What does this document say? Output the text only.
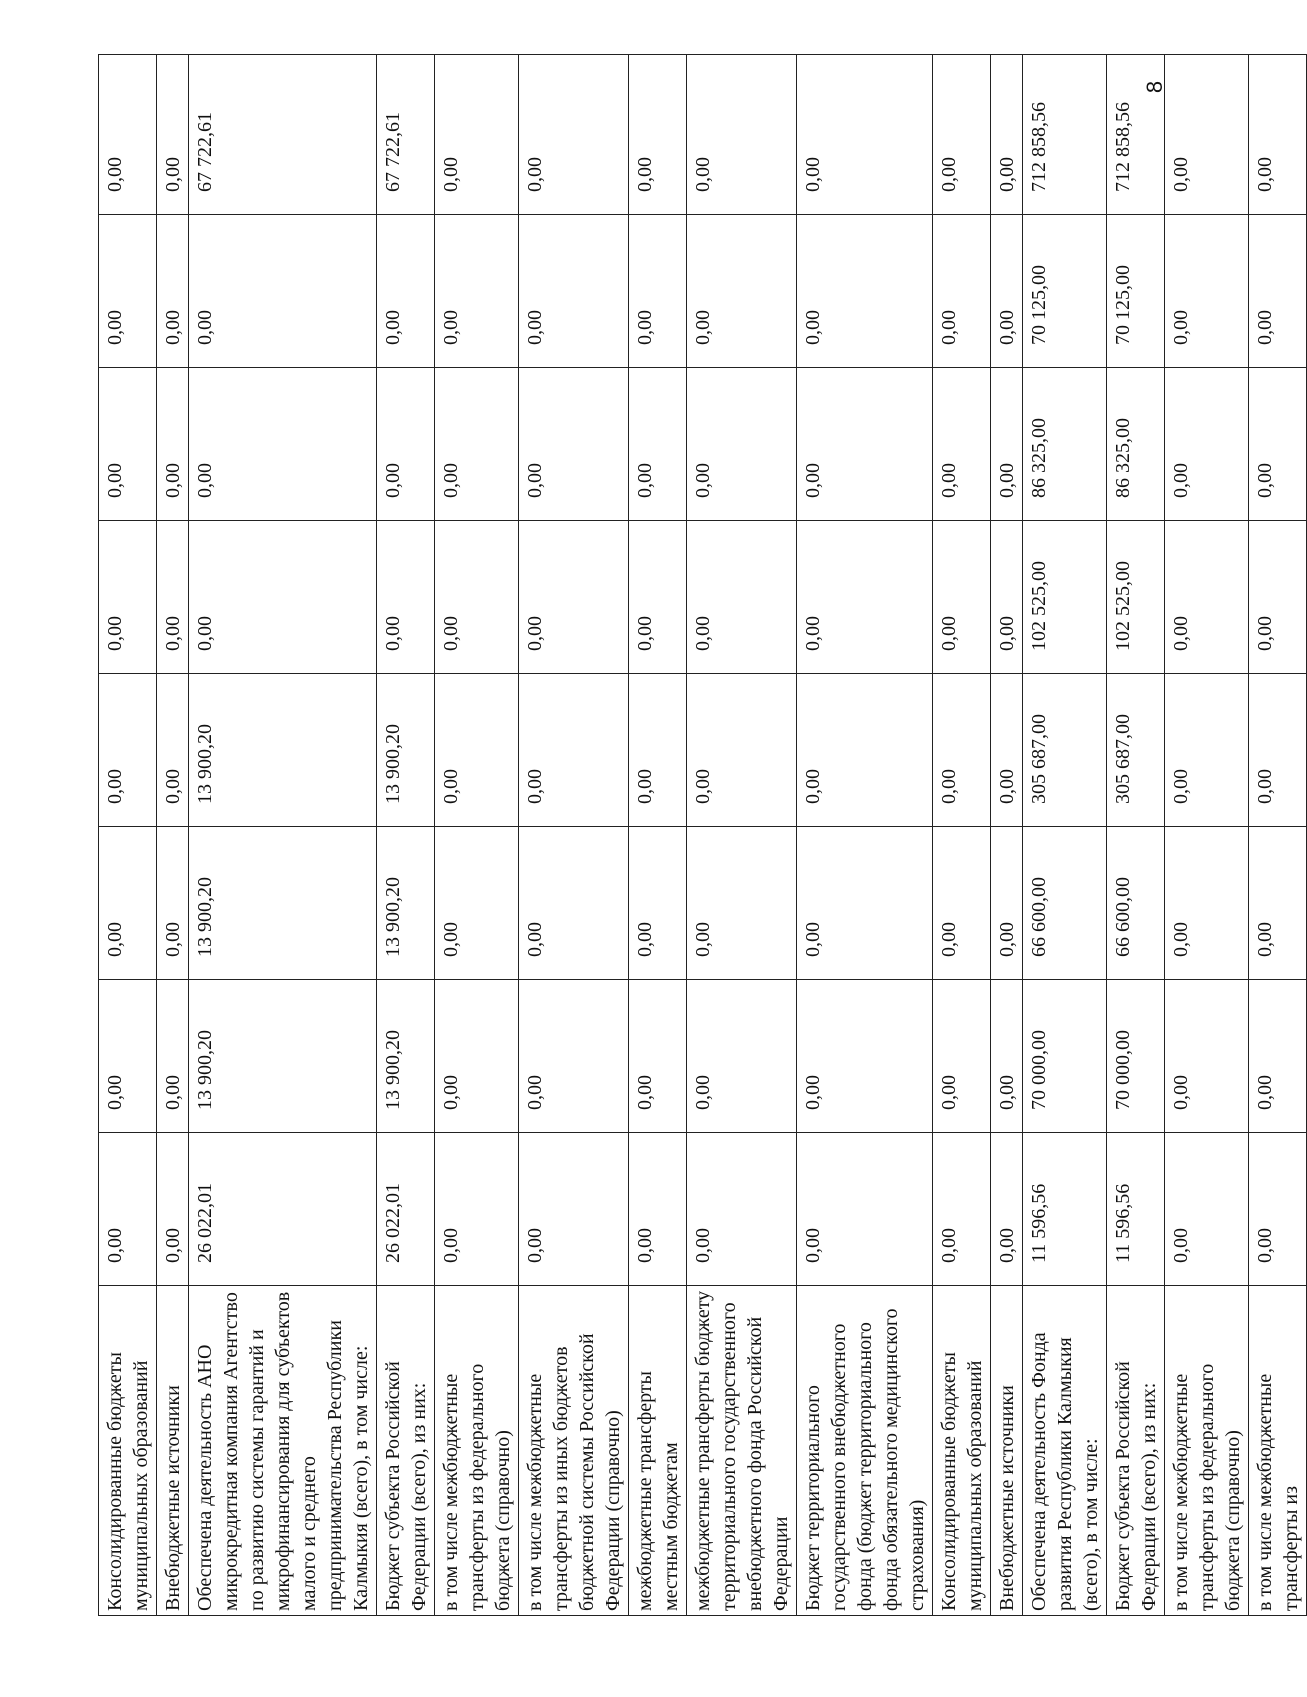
Консолидированные бюджеты муниципальных образований	0,00	0,00	0,00	0,00	0,00	0,00	0,00	0,00
Внебюджетные источники	0,00	0,00	0,00	0,00	0,00	0,00	0,00	0,00
Обеспечена деятельность АНО микрокредитная компания Агентство по развитию системы гарантий и микрофинансирования для субъектов малого и среднего предпринимательства Республики Калмыкия (всего), в том числе:	26 022,01	13 900,20	13 900,20	13 900,20	0,00	0,00	0,00	67 722,61
Бюджет субъекта Российской Федерации (всего), из них:	26 022,01	13 900,20	13 900,20	13 900,20	0,00	0,00	0,00	67 722,61
в том числе межбюджетные трансферты из федерального бюджета (справочно)	0,00	0,00	0,00	0,00	0,00	0,00	0,00	0,00
в том числе межбюджетные трансферты из иных бюджетов бюджетной системы Российской Федерации (справочно)	0,00	0,00	0,00	0,00	0,00	0,00	0,00	0,00
межбюджетные трансферты местным бюджетам	0,00	0,00	0,00	0,00	0,00	0,00	0,00	0,00
межбюджетные трансферты бюджету территориального государственного внебюджетного фонда Российской Федерации	0,00	0,00	0,00	0,00	0,00	0,00	0,00	0,00
Бюджет территориального государственного внебюджетного фонда (бюджет территориального фонда обязательного медицинского страхования)	0,00	0,00	0,00	0,00	0,00	0,00	0,00	0,00
Консолидированные бюджеты муниципальных образований	0,00	0,00	0,00	0,00	0,00	0,00	0,00	0,00
Внебюджетные источники	0,00	0,00	0,00	0,00	0,00	0,00	0,00	0,00
Обеспечена деятельность Фонда развития Республики Калмыкия (всего), в том числе:	11 596,56	70 000,00	66 600,00	305 687,00	102 525,00	86 325,00	70 125,00	712 858,56
Бюджет субъекта Российской Федерации (всего), из них:	11 596,56	70 000,00	66 600,00	305 687,00	102 525,00	86 325,00	70 125,00	712 858,56
в том числе межбюджетные трансферты из федерального бюджета (справочно)	0,00	0,00	0,00	0,00	0,00	0,00	0,00	0,00
в том числе межбюджетные трансферты из	0,00	0,00	0,00	0,00	0,00	0,00	0,00	0,00
8
